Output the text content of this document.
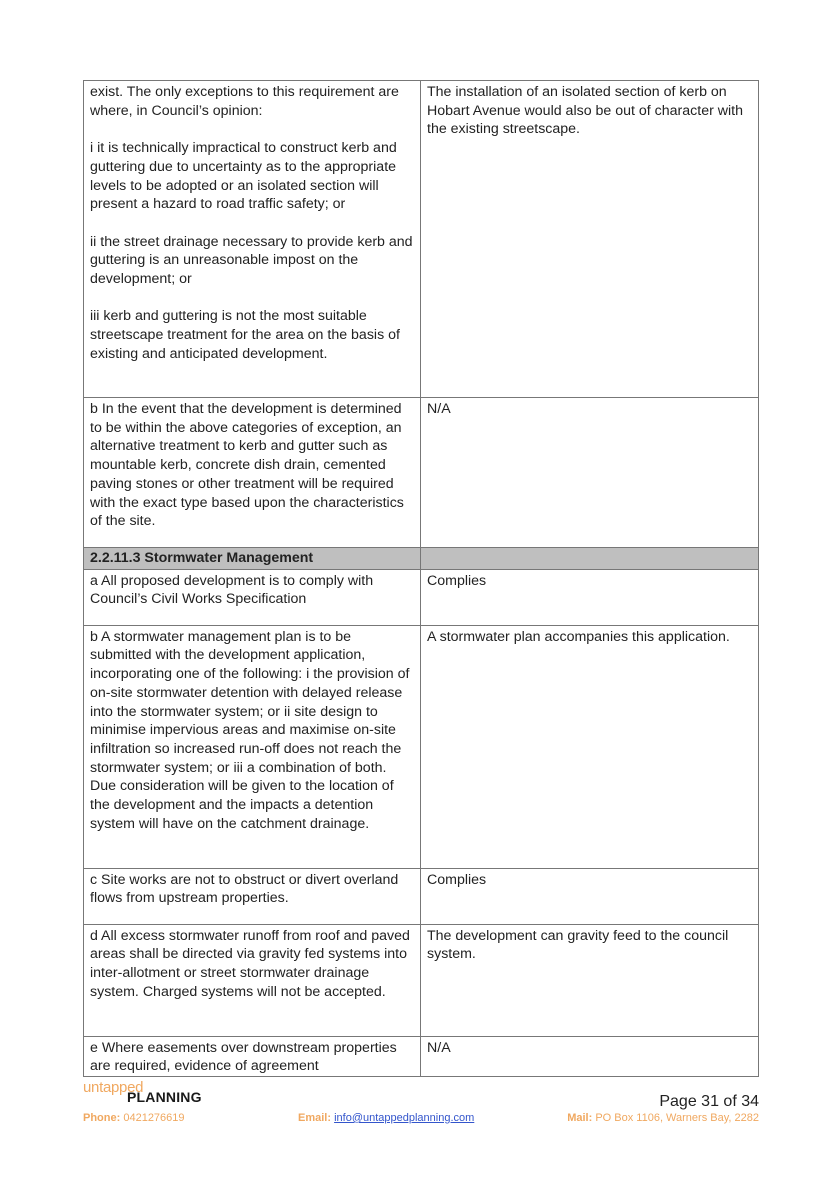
exist. The only exceptions to this requirement are where, in Council’s opinion:

i it is technically impractical to construct kerb and guttering due to uncertainty as to the appropriate levels to be adopted or an isolated section will present a hazard to road traffic safety; or

ii the street drainage necessary to provide kerb and guttering is an unreasonable impost on the development; or

iii kerb and guttering is not the most suitable streetscape treatment for the area on the basis of existing and anticipated development.	The installation of an isolated section of kerb on Hobart Avenue would also be out of character with the existing streetscape.

b In the event that the development is determined to be within the above categories of exception, an alternative treatment to kerb and gutter such as mountable kerb, concrete dish drain, cemented paving stones or other treatment will be required with the exact type based upon the characteristics of the site.	N/A

2.2.11.3 Stormwater Management	
a All proposed development is to comply with Council’s Civil Works Specification	Complies
b A stormwater management plan is to be submitted with the development application, incorporating one of the following: i the provision of on-site stormwater detention with delayed release into the stormwater system; or ii site design to minimise impervious areas and maximise on-site infiltration so increased run-off does not reach the stormwater system; or iii a combination of both. Due consideration will be given to the location of the development and the impacts a detention system will have on the catchment drainage.	A stormwater plan accompanies this application.
c Site works are not to obstruct or divert overland flows from upstream properties.	Complies
d All excess stormwater runoff from roof and paved areas shall be directed via gravity fed systems into inter-allotment or street stormwater drainage system. Charged systems will not be accepted.	The development can gravity feed to the council system.
e Where easements over downstream properties are required, evidence of agreement	N/A
untapped
PLANNING	Page 31 of 34
Phone: 0421276619	Email: info@untappedplanning.com	Mail: PO Box 1106, Warners Bay, 2282
